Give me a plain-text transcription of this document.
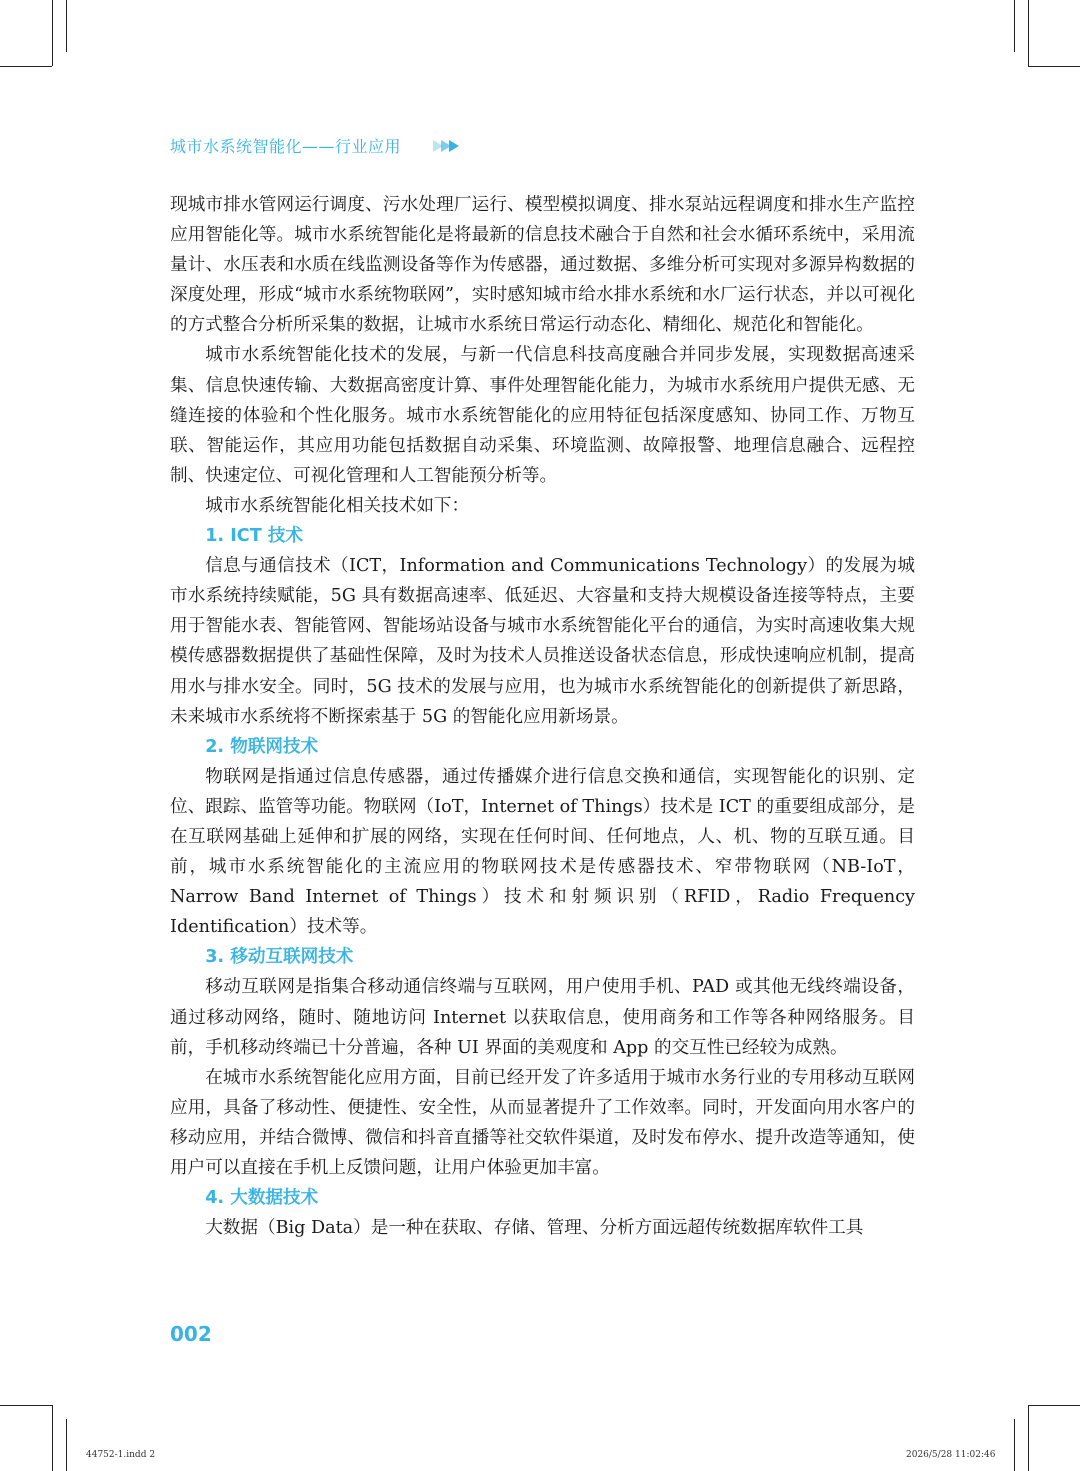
城市水系统智能化——行业应用

现城市排水管网运行调度、污水处理厂运行、模型模拟调度、排水泵站远程调度和排水生产监控应用智能化等。城市水系统智能化是将最新的信息技术融合于自然和社会水循环系统中，采用流量计、水压表和水质在线监测设备等作为传感器，通过数据、多维分析可实现对多源异构数据的深度处理，形成“城市水系统物联网”，实时感知城市给水排水系统和水厂运行状态，并以可视化的方式整合分析所采集的数据，让城市水系统日常运行动态化、精细化、规范化和智能化。

城市水系统智能化技术的发展，与新一代信息科技高度融合并同步发展，实现数据高速采集、信息快速传输、大数据高密度计算、事件处理智能化能力，为城市水系统用户提供无感、无缝连接的体验和个性化服务。城市水系统智能化的应用特征包括深度感知、协同工作、万物互联、智能运作，其应用功能包括数据自动采集、环境监测、故障报警、地理信息融合、远程控制、快速定位、可视化管理和人工智能预分析等。

城市水系统智能化相关技术如下：

1. ICT 技术

信息与通信技术（ICT，Information and Communications Technology）的发展为城市水系统持续赋能，5G 具有数据高速率、低延迟、大容量和支持大规模设备连接等特点，主要用于智能水表、智能管网、智能场站设备与城市水系统智能化平台的通信，为实时高速收集大规模传感器数据提供了基础性保障，及时为技术人员推送设备状态信息，形成快速响应机制，提高用水与排水安全。同时，5G 技术的发展与应用，也为城市水系统智能化的创新提供了新思路，未来城市水系统将不断探索基于 5G 的智能化应用新场景。

2. 物联网技术

物联网是指通过信息传感器，通过传播媒介进行信息交换和通信，实现智能化的识别、定位、跟踪、监管等功能。物联网（IoT，Internet of Things）技术是 ICT 的重要组成部分，是在互联网基础上延伸和扩展的网络，实现在任何时间、任何地点，人、机、物的互联互通。目前，城市水系统智能化的主流应用的物联网技术是传感器技术、窄带物联网（NB-IoT，Narrow Band Internet of Things）技术和射频识别（RFID，Radio Frequency Identification）技术等。

3. 移动互联网技术

移动互联网是指集合移动通信终端与互联网，用户使用手机、PAD 或其他无线终端设备，通过移动网络，随时、随地访问 Internet 以获取信息，使用商务和工作等各种网络服务。目前，手机移动终端已十分普遍，各种 UI 界面的美观度和 App 的交互性已经较为成熟。

在城市水系统智能化应用方面，目前已经开发了许多适用于城市水务行业的专用移动互联网应用，具备了移动性、便捷性、安全性，从而显著提升了工作效率。同时，开发面向用水客户的移动应用，并结合微博、微信和抖音直播等社交软件渠道，及时发布停水、提升改造等通知，使用户可以直接在手机上反馈问题，让用户体验更加丰富。

4. 大数据技术

大数据（Big Data）是一种在获取、存储、管理、分析方面远超传统数据库软件工具

002
44752-1.indd 2	2026/5/28 11:02:46
